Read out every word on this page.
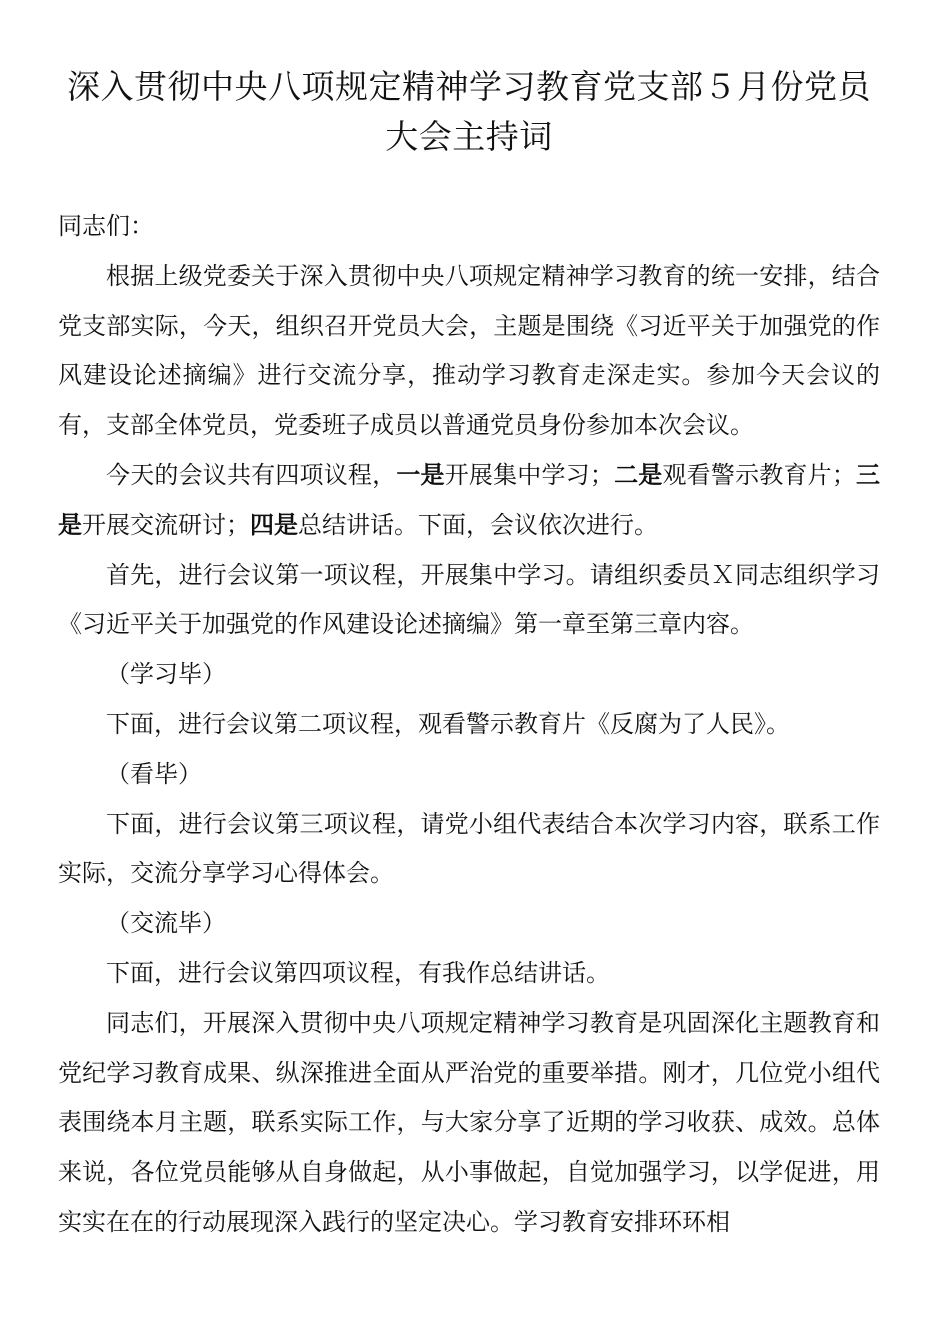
深入贯彻中央八项规定精神学习教育党支部５月份党员大会主持词

同志们：

根据上级党委关于深入贯彻中央八项规定精神学习教育的统一安排，结合党支部实际，今天，组织召开党员大会，主题是围绕《习近平关于加强党的作风建设论述摘编》进行交流分享，推动学习教育走深走实。参加今天会议的有，支部全体党员，党委班子成员以普通党员身份参加本次会议。

今天的会议共有四项议程，一是开展集中学习；二是观看警示教育片；三是开展交流研讨；四是总结讲话。下面，会议依次进行。

首先，进行会议第一项议程，开展集中学习。请组织委员Ｘ同志组织学习《习近平关于加强党的作风建设论述摘编》第一章至第三章内容。

（学习毕）

下面，进行会议第二项议程，观看警示教育片《反腐为了人民》。

（看毕）

下面，进行会议第三项议程，请党小组代表结合本次学习内容，联系工作实际，交流分享学习心得体会。

（交流毕）

下面，进行会议第四项议程，有我作总结讲话。

同志们，开展深入贯彻中央八项规定精神学习教育是巩固深化主题教育和党纪学习教育成果、纵深推进全面从严治党的重要举措。刚才，几位党小组代表围绕本月主题，联系实际工作，与大家分享了近期的学习收获、成效。总体来说，各位党员能够从自身做起，从小事做起，自觉加强学习，以学促进，用实实在在的行动展现深入践行的坚定决心。学习教育安排环环相
